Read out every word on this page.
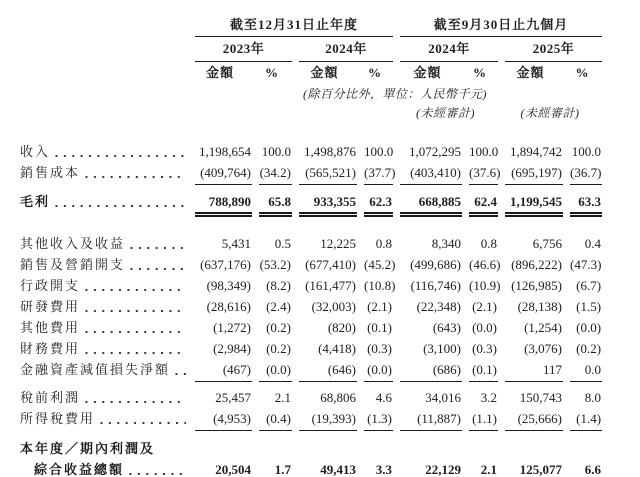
	截至12月31日止年度				截至9月30日止九個月			

	2023年		2024年		2024年		2025年	

	金額	%	金額	%	金額	%	金額	%
			(除百分比外，單位：人民幣千元)					
					(未經審計)		(未經審計)	

收入	1,198,654	100.0	1,498,876	100.0	1,072,295	100.0	1,894,742	100.0

銷售成本	(409,764)	(34.2)	(565,521)	(37.7)	(403,410)	(37.6)	(695,197)	(36.7)

毛利	788,890	65.8	933,355	62.3	668,885	62.4	1,199,545	63.3

其他收入及收益	5,431	0.5	12,225	0.8	8,340	0.8	6,756	0.4

銷售及營銷開支	(637,176)	(53.2)	(677,410)	(45.2)	(499,686)	(46.6)	(896,222)	(47.3)

行政開支	(98,349)	(8.2)	(161,477)	(10.8)	(116,746)	(10.9)	(126,985)	(6.7)

研發費用	(28,616)	(2.4)	(32,003)	(2.1)	(22,348)	(2.1)	(28,138)	(1.5)

其他費用	(1,272)	(0.2)	(820)	(0.1)	(643)	(0.0)	(1,254)	(0.0)

財務費用	(2,984)	(0.2)	(4,418)	(0.3)	(3,100)	(0.3)	(3,076)	(0.2)

金融資產減值損失淨額	(467)	(0.0)	(646)	(0.0)	(686)	(0.1)	117	0.0

稅前利潤	25,457	2.1	68,806	4.6	34,016	3.2	150,743	8.0

所得稅費用	(4,953)	(0.4)	(19,393)	(1.3)	(11,887)	(1.1)	(25,666)	(1.4)

本年度／期內利潤及								

綜合收益總額	20,504	1.7	49,413	3.3	22,129	2.1	125,077	6.6
